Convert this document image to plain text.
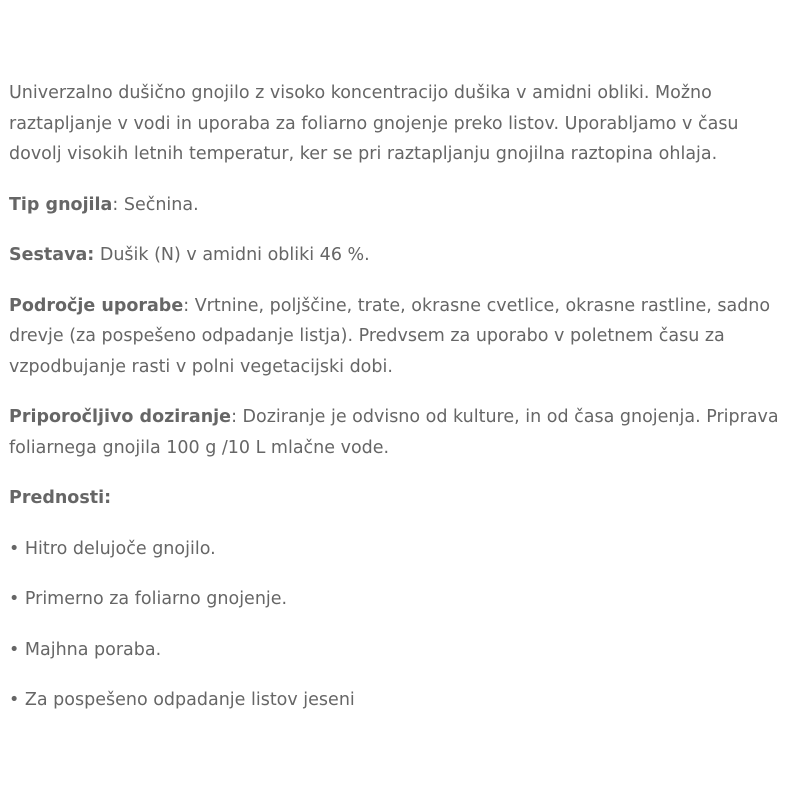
Univerzalno dušično gnojilo z visoko koncentracijo dušika v amidni obliki. Možno raztapljanje v vodi in uporaba za foliarno gnojenje preko listov. Uporabljamo v času dovolj visokih letnih temperatur, ker se pri raztapljanju gnojilna raztopina ohlaja.

Tip gnojila: Sečnina.

Sestava: Dušik (N) v amidni obliki 46 %.

Področje uporabe: Vrtnine, poljščine, trate, okrasne cvetlice, okrasne rastline, sadno drevje (za pospešeno odpadanje listja). Predvsem za uporabo v poletnem času za vzpodbujanje rasti v polni vegetacijski dobi.

Priporočljivo doziranje: Doziranje je odvisno od kulture, in od časa gnojenja. Priprava foliarnega gnojila 100 g /10 L mlačne vode.

Prednosti:

• Hitro delujoče gnojilo.

• Primerno za foliarno gnojenje.

• Majhna poraba.

• Za pospešeno odpadanje listov jeseni
